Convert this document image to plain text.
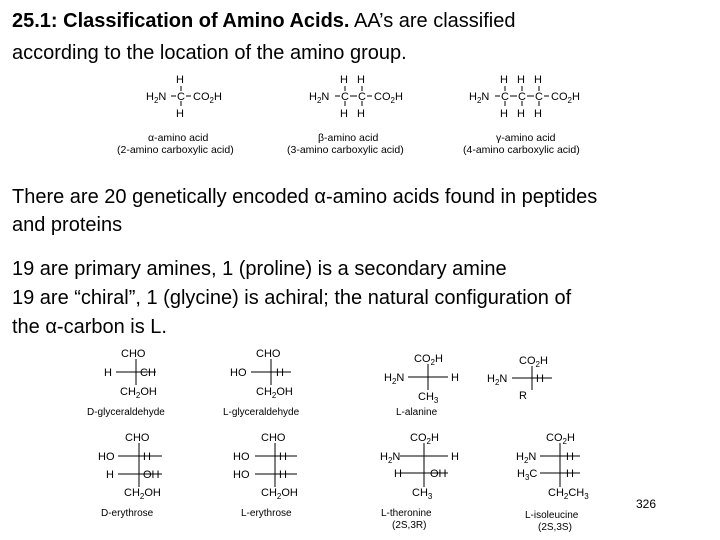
25.1: Classification of Amino Acids. AA’s are classified
according to the location of the amino group.
There are 20 genetically encoded α-amino acids found in peptides
and proteins
19 are primary amines, 1 (proline) is a secondary amine
19 are “chiral”, 1 (glycine) is achiral; the natural configuration of
the α-carbon is L.
H
$H_2N$ C $CO_2H$
H
H H
$H_2N$ C C $CO_2H$
H H
H H H
$H_2N$ C C C $CO_2H$
H H H
α-amino acid
(2-amino carboxylic acid)
β-amino acid
(3-amino carboxylic acid)
γ-amino acid
(4-amino carboxylic acid)
CHO
H	CH
$CH_2OH$
CHO
HO	H
$CH_2OH$
$CO_2H$
$H_2N$	H
$CH_3$
$CO_2H$
$H_2N$	H
R
D-glyceraldehyde	L-glyceraldehyde	L-alanine
CHO
HO	H
H	OH
$CH_2OH$
CHO
HO	H
HO	H
$CH_2OH$
$CO_2H$
$H_2N$	H
H	OH
$CH_3$
$CO_2H$
$H_2N$	H
$H_3C$	H
$CH_2CH_3$
D-erythrose	L-erythrose	L-theronine
(2S,3R)
L-isoleucine
(2S,3S)
326
